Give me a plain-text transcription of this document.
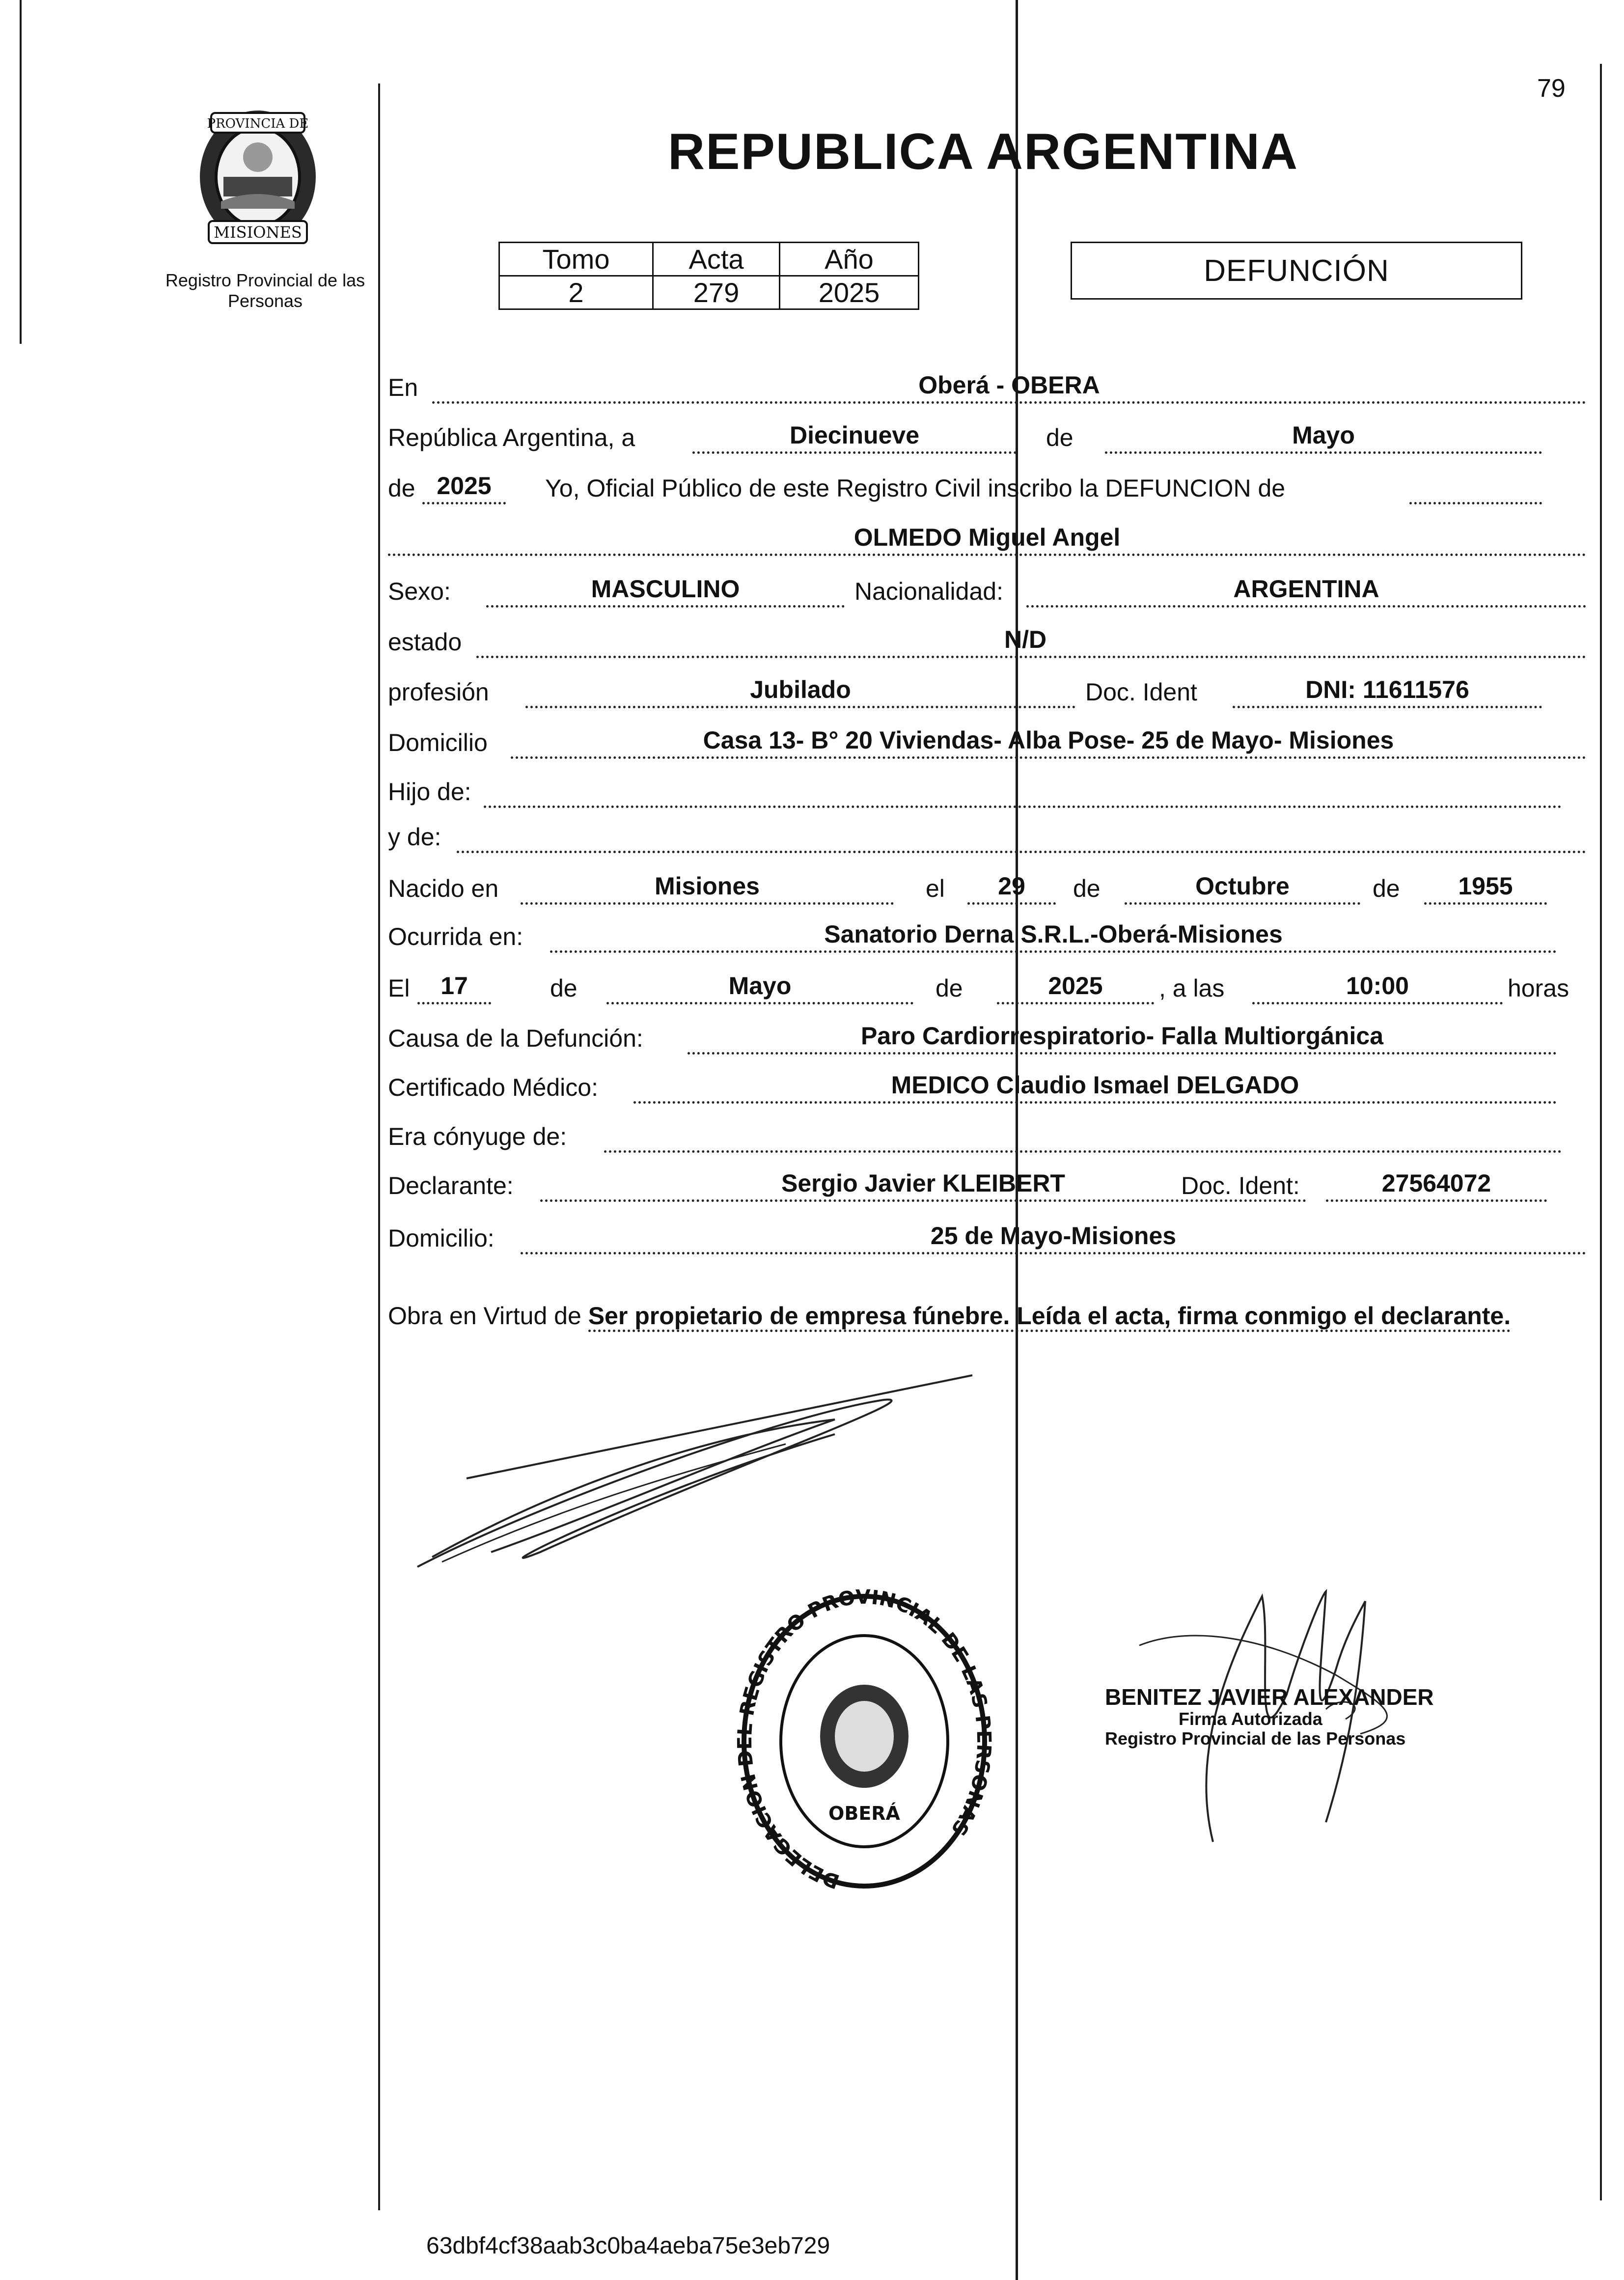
79
PROVINCIA DE
MISIONES
Registro Provincial de las Personas
REPUBLICA ARGENTINA
Tomo	Acta	Año
2	279	2025
DEFUNCIÓN
En	Oberá - OBERA
República Argentina, a	Diecinueve	de	Mayo
de 2025	Yo, Oficial Público de este Registro Civil inscribo la DEFUNCION de
OLMEDO Miguel Angel
Sexo:	MASCULINO	Nacionalidad:	ARGENTINA
estado	N/D
profesión	Jubilado	Doc. Ident	DNI: 11611576
Domicilio	Casa 13- B° 20 Viviendas- Alba Pose- 25 de Mayo- Misiones
Hijo de:
y de:
Nacido en	Misiones	el	29	de	Octubre	de	1955
Ocurrida en:	Sanatorio Derna S.R.L.-Oberá-Misiones
El	17	de	Mayo	de	2025	, a las	10:00	horas
Causa de la Defunción:	Paro Cardiorrespiratorio- Falla Multiorgánica
Certificado Médico:	MEDICO Claudio Ismael DELGADO
Era cónyuge de:
Declarante:	Sergio Javier KLEIBERT	Doc. Ident:	27564072
Domicilio:	25 de Mayo-Misiones
Obra en Virtud de Ser propietario de empresa fúnebre. Leída el acta, firma conmigo el declarante.
DELEGACION REGISTRO PROVINCIAL DE LAS SONAS
OBERÁ
BENITEZ JAVIER ALEXANDER
Firma Autorizada
Registro Provincial de las Personas
63dbf4cf38aab3c0ba4aeba75e3eb729
